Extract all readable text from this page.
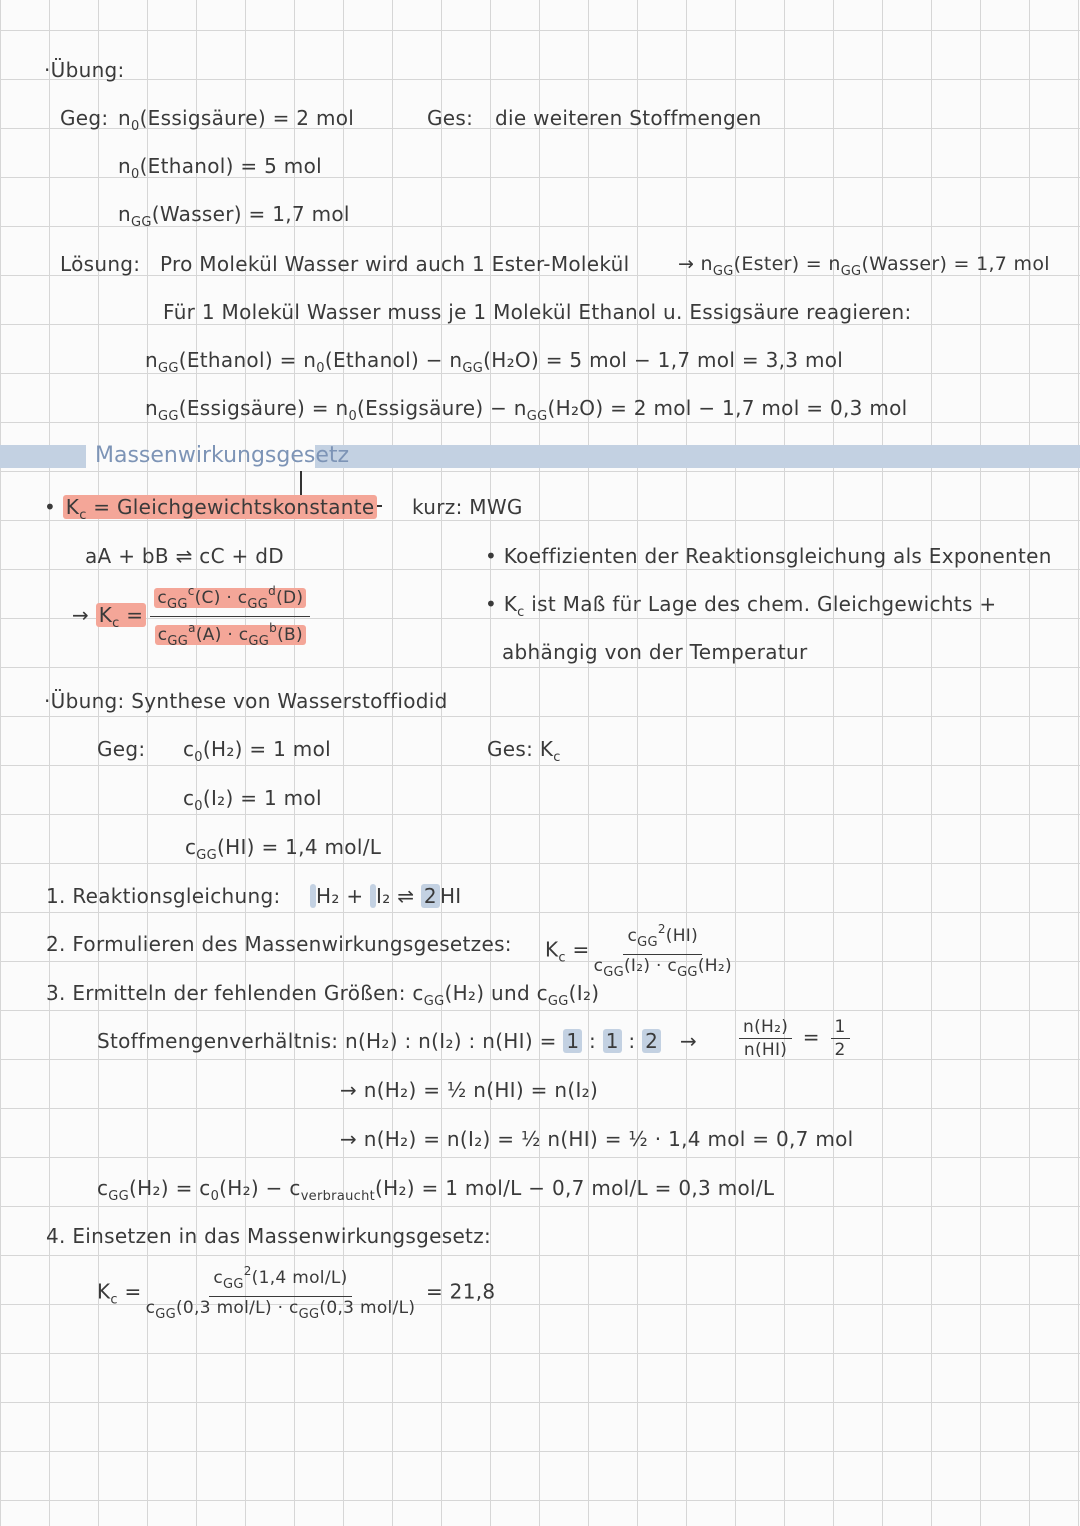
Massenwirkungsgesetz
·Übung:
Geg: $n_0(Essigsäure) = 2$ mol	Ges: die weiteren Stoffmengen
$n_0(Ethanol) = 5$ mol
$n_{GG}(Wasser) = 1,7$ mol
Lösung: Pro Molekül Wasser wird auch 1 Ester-Molekül	→ $n_{GG}(Ester)$ = $n_{GG}(Wasser) = 1,7$ mol
Für 1 Molekül Wasser muss je 1 Molekül Ethanol u. Essigsäure reagieren:
$n_{GG}(Ethanol)$ = $n_0(Ethanol) - n_{GG}(H_2O) = 5$ mol − 1,7 mol = 3,3 mol
$n_{GG}(Essigsäure)$ = $n_0(Essigsäure) - n_{GG}(H_2O) = 2$ mol − 1,7 mol = 0,3 mol
• $K_c$ = Gleichgewichtskonstante kurz: MWG
aA + bB ⇌ cC + dD	• Koeffizienten der Reaktionsgleichung als Exponenten
→ $K_c = \frac{c_{GG}^c(C) \cdot c_{GG}^d(D)}{c_{GG}^a(A) \cdot c_{GG}^b(B)}$	• $K_c$ ist Maß für Lage des chem. Gleichgewichts +
abhängig von der Temperatur
·Übung: Synthese von Wasserstoffiodid
Geg: $c_0(H_2) = 1$ mol	Ges: $K_c$
$c_0(I_2) = 1$ mol
$c_{GG}(HI) = 1,4$ mol/L
1. Reaktionsgleichung:	H₂ + I₂ ⇌ 2 HI
2. Formulieren des Massenwirkungsgesetzes: $K_c = \frac{c_{GG}^2(HI)}{c_{GG}(I_2) \cdot c_{GG}(H_2)}$
3. Ermitteln der fehlenden Größen: $c_{GG}(H_2)$ und $c_{GG}(I_2)$
Stoffmengenverhältnis: n(H₂) : n(I₂) : n(HI) = 1 : 1 : $2 \to \frac{\text{n(H₂)}}{n(HI)} = \frac{1}{2}$
→ n(H₂) = ½ n(HI) = n(I₂)
→ n(H₂) = n(I₂) = ½ n(HI) = ½ · 1,4 mol = 0,7 mol
$c_{GG}(H_2) = c_0(H_2) - c_{verbraucht}(H_2) = 1$ mol/L − 0,7 mol/L = 0,3 mol/L
4. Einsetzen in das Massenwirkungsgesetz:
$K_c = \frac{c_{GG}^2(1,4 mol/L)}{c_{GG}(0,3 mol/L) \cdot c_{GG}(0,3 mol/L)} = 21,8$
